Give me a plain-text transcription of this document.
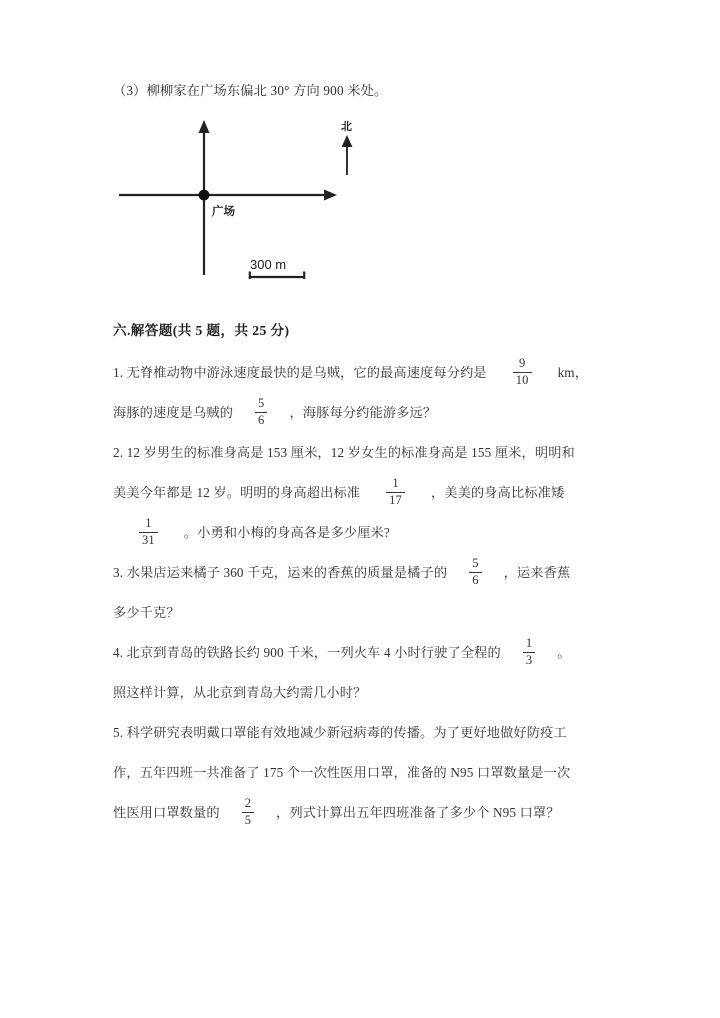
（3）柳柳家在广场东偏北 30° 方向 900 米处。
广场
北
300 m
六.解答题(共 5 题，共 25 分)
1. 无脊椎动物中游泳速度最快的是乌贼，它的最高速度每分约是 $\frac{9}{10}$ km，
海豚的速度是乌贼的 $\frac{5}{6}$ ，海豚每分约能游多远？
2. 12 岁男生的标准身高是 153 厘米，12 岁女生的标准身高是 155 厘米，明明和
美美今年都是 12 岁。明明的身高超出标准 $\frac{1}{17}$ ，美美的身高比标准矮
$\frac{1}{31}$ 。小勇和小梅的身高各是多少厘米?
3. 水果店运来橘子 360 千克，运来的香蕉的质量是橘子的 $\frac{5}{6}$ ，运来香蕉
多少千克？
4. 北京到青岛的铁路长约 900 千米，一列火车 4 小时行驶了全程的 $\frac{1}{3}$ 。
照这样计算，从北京到青岛大约需几小时？
5. 科学研究表明戴口罩能有效地减少新冠病毒的传播。为了更好地做好防疫工
作，五年四班一共准备了 175 个一次性医用口罩，准备的 N95 口罩数量是一次
性医用口罩数量的 $\frac{2}{5}$ ，列式计算出五年四班准备了多少个 N95 口罩？
